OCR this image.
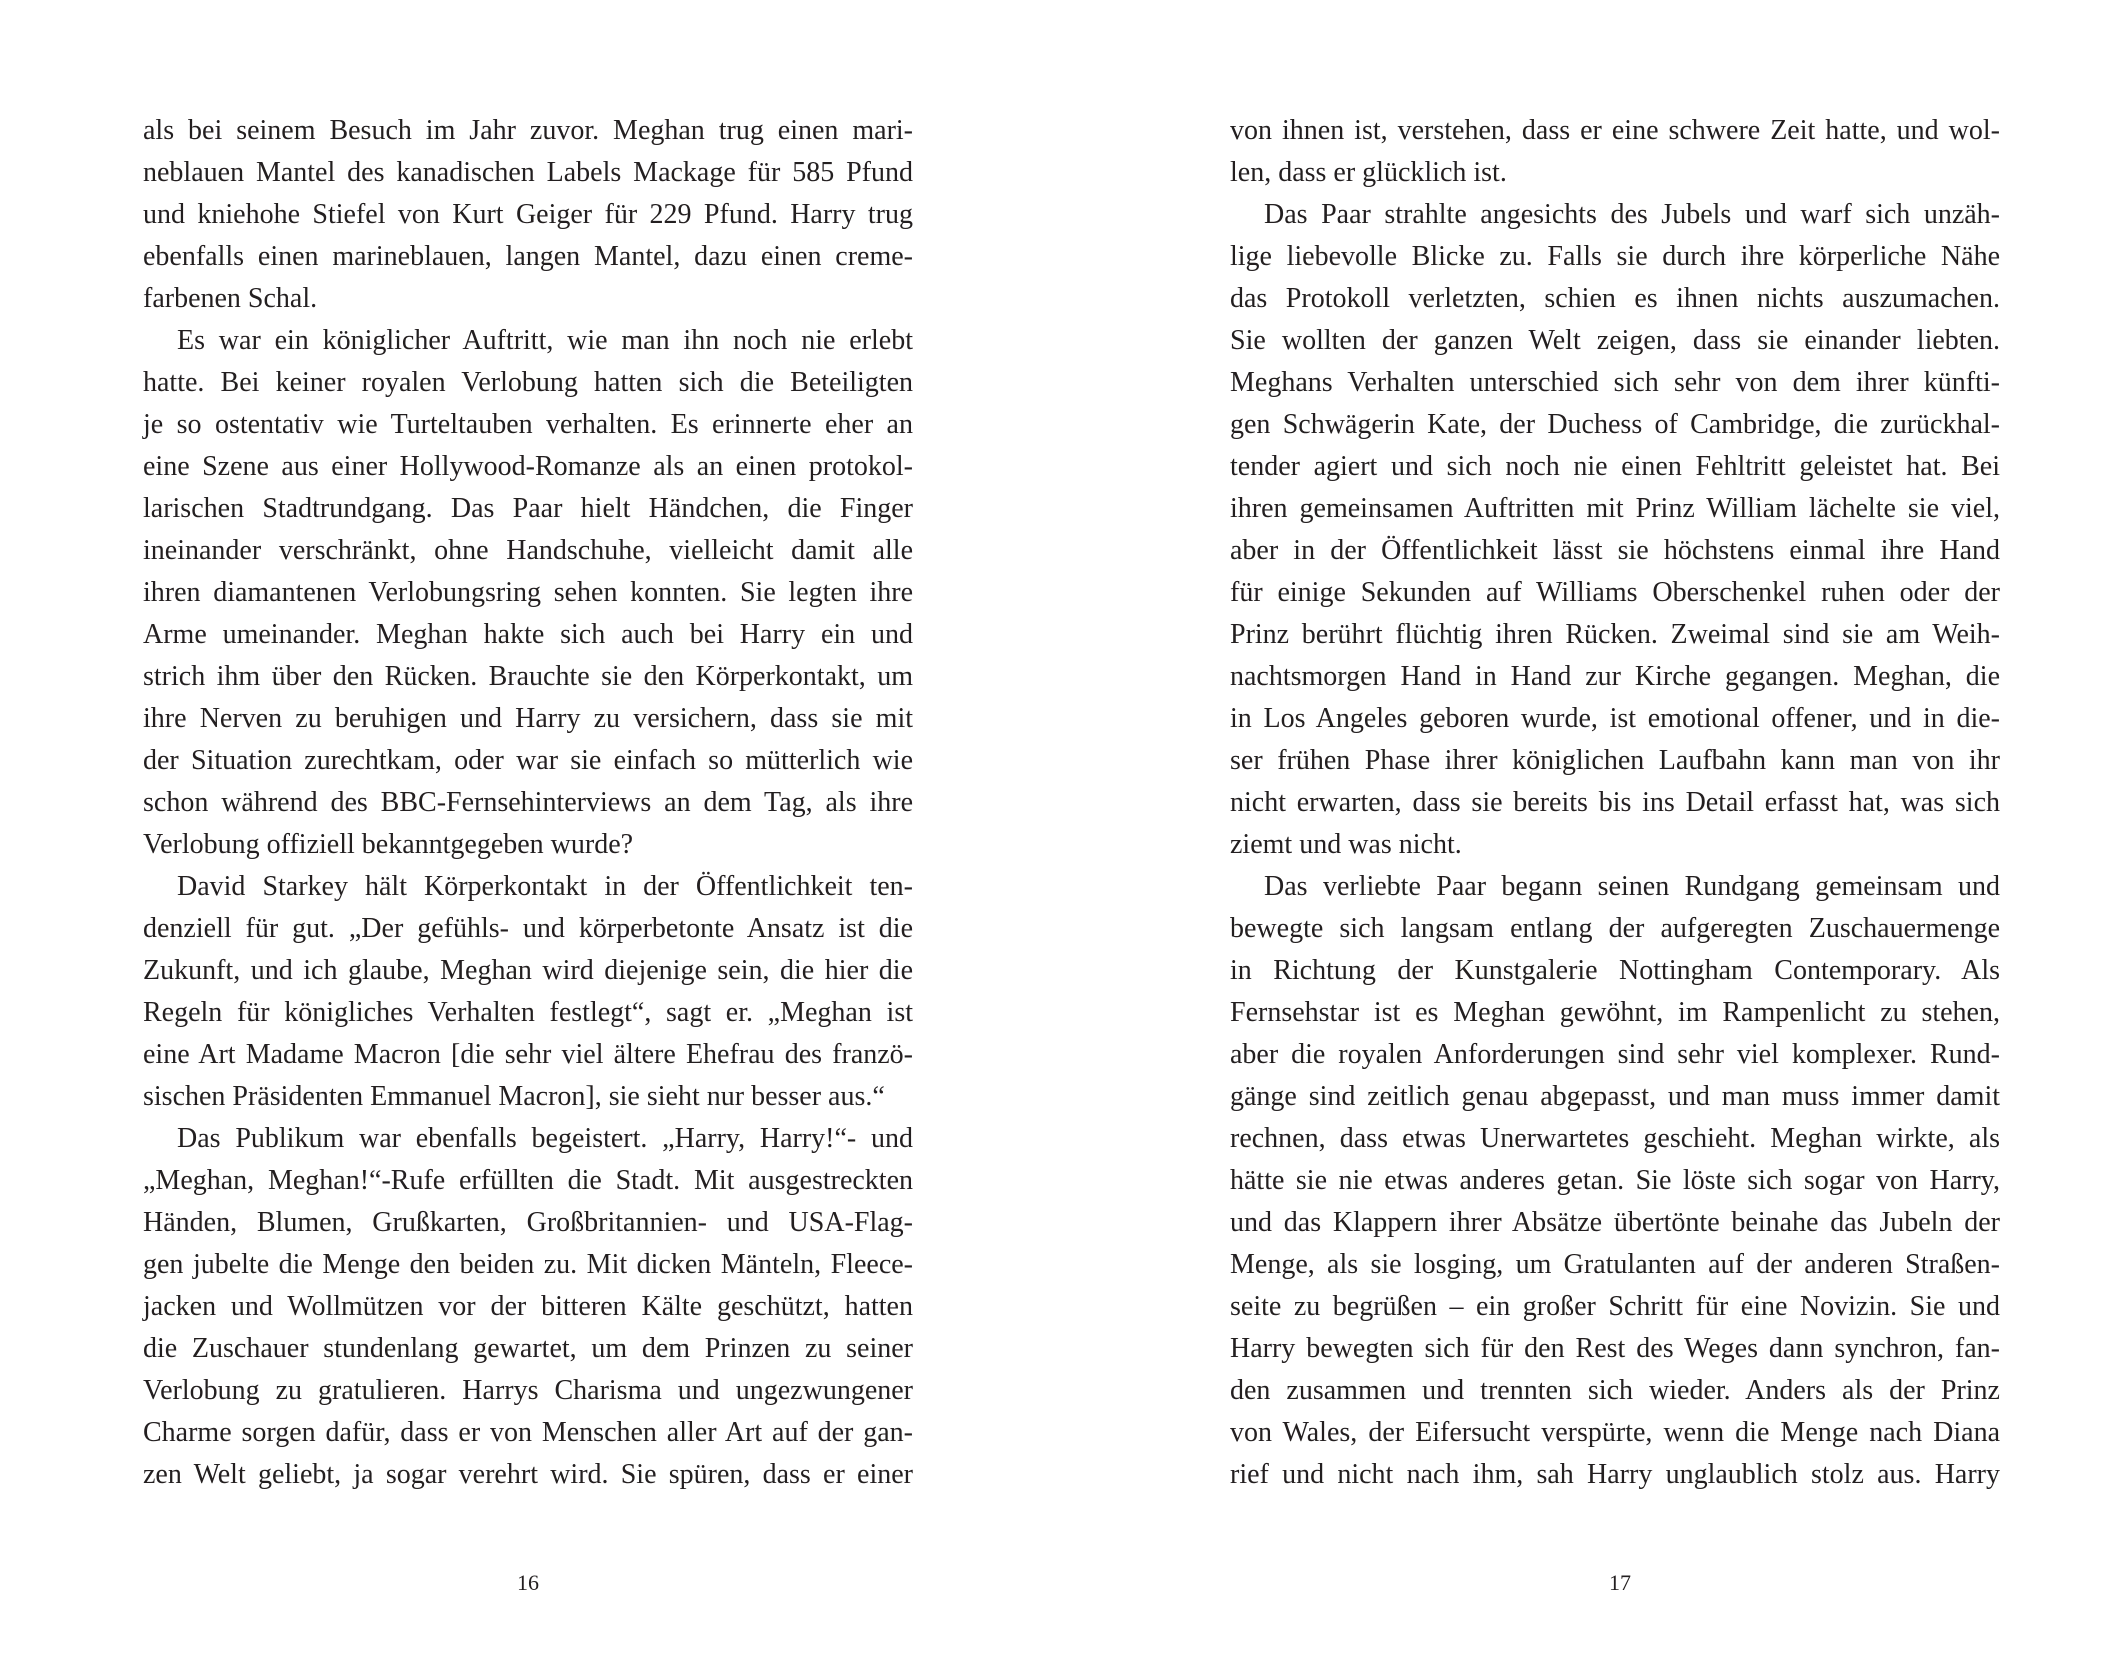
als bei seinem Besuch im Jahr zuvor. Meghan trug einen mari-
neblauen Mantel des kanadischen Labels Mackage für 585 Pfund
und kniehohe Stiefel von Kurt Geiger für 229 Pfund. Harry trug
ebenfalls einen marineblauen, langen Mantel, dazu einen creme-
farbenen Schal.
Es war ein königlicher Auftritt, wie man ihn noch nie erlebt
hatte. Bei keiner royalen Verlobung hatten sich die Beteiligten
je so ostentativ wie Turteltauben verhalten. Es erinnerte eher an
eine Szene aus einer Hollywood-Romanze als an einen protokol-
larischen Stadtrundgang. Das Paar hielt Händchen, die Finger
ineinander verschränkt, ohne Handschuhe, vielleicht damit alle
ihren diamantenen Verlobungsring sehen konnten. Sie legten ihre
Arme umeinander. Meghan hakte sich auch bei Harry ein und
strich ihm über den Rücken. Brauchte sie den Körperkontakt, um
ihre Nerven zu beruhigen und Harry zu versichern, dass sie mit
der Situation zurechtkam, oder war sie einfach so mütterlich wie
schon während des BBC-Fernsehinterviews an dem Tag, als ihre
Verlobung offiziell bekanntgegeben wurde?
David Starkey hält Körperkontakt in der Öffentlichkeit ten-
denziell für gut. „Der gefühls- und körperbetonte Ansatz ist die
Zukunft, und ich glaube, Meghan wird diejenige sein, die hier die
Regeln für königliches Verhalten festlegt“, sagt er. „Meghan ist
eine Art Madame Macron [die sehr viel ältere Ehefrau des franzö-
sischen Präsidenten Emmanuel Macron], sie sieht nur besser aus.“
Das Publikum war ebenfalls begeistert. „Harry, Harry!“- und
„Meghan, Meghan!“-Rufe erfüllten die Stadt. Mit ausgestreckten
Händen, Blumen, Grußkarten, Großbritannien- und USA-Flag-
gen jubelte die Menge den beiden zu. Mit dicken Mänteln, Fleece-
jacken und Wollmützen vor der bitteren Kälte geschützt, hatten
die Zuschauer stundenlang gewartet, um dem Prinzen zu seiner
Verlobung zu gratulieren. Harrys Charisma und ungezwungener
Charme sorgen dafür, dass er von Menschen aller Art auf der gan-
zen Welt geliebt, ja sogar verehrt wird. Sie spüren, dass er einer
16
von ihnen ist, verstehen, dass er eine schwere Zeit hatte, und wol-
len, dass er glücklich ist.
Das Paar strahlte angesichts des Jubels und warf sich unzäh-
lige liebevolle Blicke zu. Falls sie durch ihre körperliche Nähe
das Protokoll verletzten, schien es ihnen nichts auszumachen.
Sie wollten der ganzen Welt zeigen, dass sie einander liebten.
Meghans Verhalten unterschied sich sehr von dem ihrer künfti-
gen Schwägerin Kate, der Duchess of Cambridge, die zurückhal-
tender agiert und sich noch nie einen Fehltritt geleistet hat. Bei
ihren gemeinsamen Auftritten mit Prinz William lächelte sie viel,
aber in der Öffentlichkeit lässt sie höchstens einmal ihre Hand
für einige Sekunden auf Williams Oberschenkel ruhen oder der
Prinz berührt flüchtig ihren Rücken. Zweimal sind sie am Weih-
nachtsmorgen Hand in Hand zur Kirche gegangen. Meghan, die
in Los Angeles geboren wurde, ist emotional offener, und in die-
ser frühen Phase ihrer königlichen Laufbahn kann man von ihr
nicht erwarten, dass sie bereits bis ins Detail erfasst hat, was sich
ziemt und was nicht.
Das verliebte Paar begann seinen Rundgang gemeinsam und
bewegte sich langsam entlang der aufgeregten Zuschauermenge
in Richtung der Kunstgalerie Nottingham Contemporary. Als
Fernsehstar ist es Meghan gewöhnt, im Rampenlicht zu stehen,
aber die royalen Anforderungen sind sehr viel komplexer. Rund-
gänge sind zeitlich genau abgepasst, und man muss immer damit
rechnen, dass etwas Unerwartetes geschieht. Meghan wirkte, als
hätte sie nie etwas anderes getan. Sie löste sich sogar von Harry,
und das Klappern ihrer Absätze übertönte beinahe das Jubeln der
Menge, als sie losging, um Gratulanten auf der anderen Straßen-
seite zu begrüßen – ein großer Schritt für eine Novizin. Sie und
Harry bewegten sich für den Rest des Weges dann synchron, fan-
den zusammen und trennten sich wieder. Anders als der Prinz
von Wales, der Eifersucht verspürte, wenn die Menge nach Diana
rief und nicht nach ihm, sah Harry unglaublich stolz aus. Harry
17
